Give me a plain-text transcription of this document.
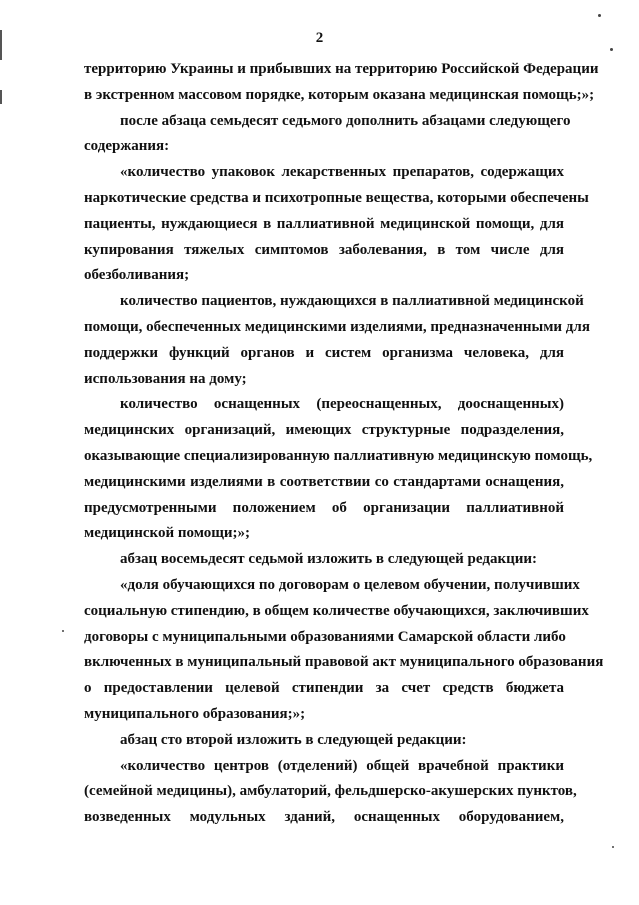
2
территорию Украины и прибывших на территорию Российской Федерации
в экстренном массовом порядке, которым оказана медицинская помощь;»;
после абзаца семьдесят седьмого дополнить абзацами следующего
содержания:
«количество упаковок лекарственных препаратов, содержащих
наркотические средства и психотропные вещества, которыми обеспечены
пациенты, нуждающиеся в паллиативной медицинской помощи, для
купирования тяжелых симптомов заболевания, в том числе для
обезболивания;
количество пациентов, нуждающихся в паллиативной медицинской
помощи, обеспеченных медицинскими изделиями, предназначенными для
поддержки функций органов и систем организма человека, для
использования на дому;
количество оснащенных (переоснащенных, дооснащенных)
медицинских организаций, имеющих структурные подразделения,
оказывающие специализированную паллиативную медицинскую помощь,
медицинскими изделиями в соответствии со стандартами оснащения,
предусмотренными положением об организации паллиативной
медицинской помощи;»;
абзац восемьдесят седьмой изложить в следующей редакции:
«доля обучающихся по договорам о целевом обучении, получивших
социальную стипендию, в общем количестве обучающихся, заключивших
договоры с муниципальными образованиями Самарской области либо
включенных в муниципальный правовой акт муниципального образования
о предоставлении целевой стипендии за счет средств бюджета
муниципального образования;»;
абзац сто второй изложить в следующей редакции:
«количество центров (отделений) общей врачебной практики
(семейной медицины), амбулаторий, фельдшерско-акушерских пунктов,
возведенных модульных зданий, оснащенных оборудованием,
